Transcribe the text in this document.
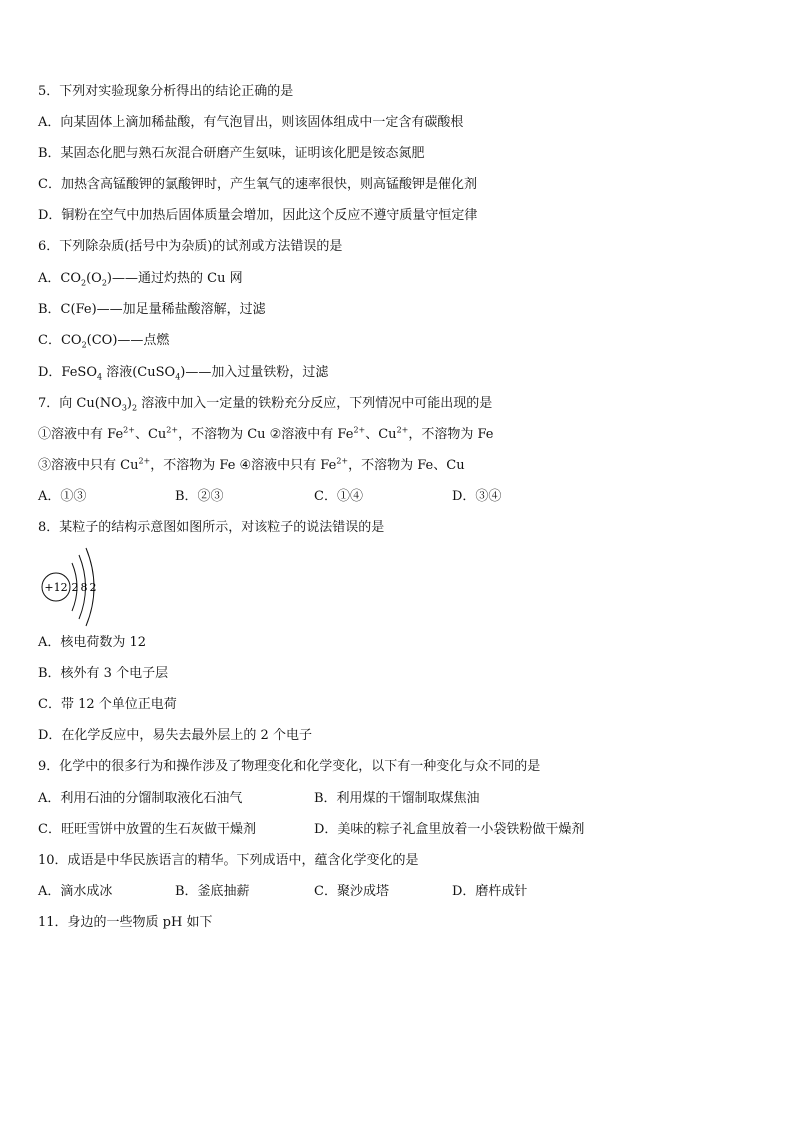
5．下列对实验现象分析得出的结论正确的是
A．向某固体上滴加稀盐酸，有气泡冒出，则该固体组成中一定含有碳酸根
B．某固态化肥与熟石灰混合研磨产生氨味，证明该化肥是铵态氮肥
C．加热含高锰酸钾的氯酸钾时，产生氧气的速率很快，则高锰酸钾是催化剂
D．铜粉在空气中加热后固体质量会增加，因此这个反应不遵守质量守恒定律
6．下列除杂质(括号中为杂质)的试剂或方法错误的是
A．$CO_2(O_2)——$通过灼热的 Cu 网
B．C(Fe)——加足量稀盐酸溶解，过滤
C．$CO_2(CO)——$点燃
D．FeSO$_4$ 溶液(CuSO$_4$)——加入过量铁粉，过滤
7．向 $Cu(NO_3)_2$ 溶液中加入一定量的铁粉充分反应，下列情况中可能出现的是
①溶液中有 $Fe^{2+}$、$Cu^{2+}$，不溶物为 Cu ②溶液中有 $Fe^{2+}$、$Cu^{2+}$，不溶物为 Fe
③溶液中只有 $Cu^{2+}$，不溶物为 Fe ④溶液中只有 $Fe^{2+}$，不溶物为 Fe、Cu
A．①③	B．②③	C．①④	D．③④
8．某粒子的结构示意图如图所示，对该粒子的说法错误的是
+12 2 8 2
A．核电荷数为 12
B．核外有 3 个电子层
C．带 12 个单位正电荷
D．在化学反应中，易失去最外层上的 2 个电子
9．化学中的很多行为和操作涉及了物理变化和化学变化，以下有一种变化与众不同的是
A．利用石油的分馏制取液化石油气	B．利用煤的干馏制取煤焦油
C．旺旺雪饼中放置的生石灰做干燥剂	D．美味的粽子礼盒里放着一小袋铁粉做干燥剂
10．成语是中华民族语言的精华。下列成语中，蕴含化学变化的是
A．滴水成冰	B．釜底抽薪	C．聚沙成塔	D．磨杵成针
11．身边的一些物质 pH 如下
